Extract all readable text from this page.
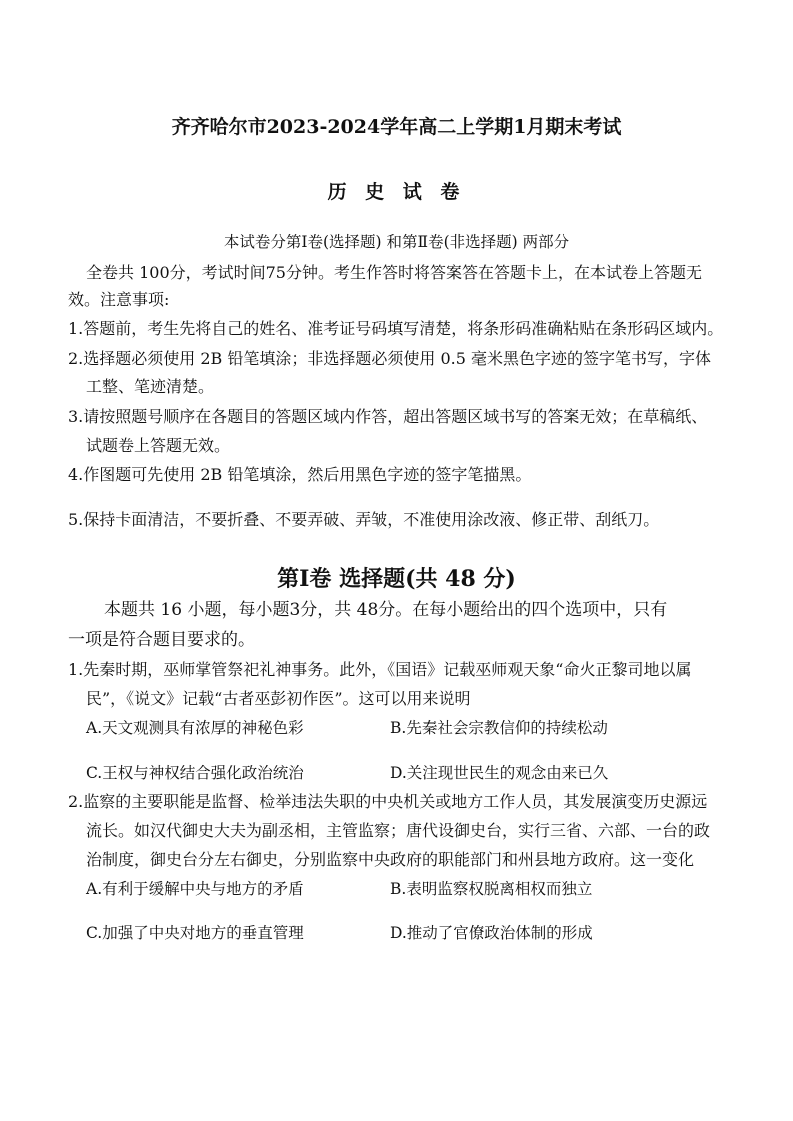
齐齐哈尔市2023-2024学年高二上学期1月期末考试
历 史 试 卷
本试卷分第Ⅰ卷(选择题) 和第Ⅱ卷(非选择题) 两部分
全卷共 100分，考试时间75分钟。考生作答时将答案答在答题卡上，在本试卷上答题无
效。注意事项:
1.答题前，考生先将自己的姓名、准考证号码填写清楚，将条形码准确粘贴在条形码区域内。
2.选择题必须使用 2B 铅笔填涂；非选择题必须使用 0.5 毫米黑色字迹的签字笔书写，字体
工整、笔迹清楚。
3.请按照题号顺序在各题目的答题区域内作答，超出答题区域书写的答案无效；在草稿纸、
试题卷上答题无效。
4.作图题可先使用 2B 铅笔填涂，然后用黑色字迹的签字笔描黑。
5.保持卡面清洁，不要折叠、不要弄破、弄皱，不准使用涂改液、修正带、刮纸刀。
第Ⅰ卷 选择题(共 48 分)
本题共 16 小题，每小题3分，共 48分。在每小题给出的四个选项中，只有
一项是符合题目要求的。
1.先秦时期，巫师掌管祭祀礼神事务。此外，《国语》记载巫师观天象“命火正黎司地以属
民”，《说文》记载“古者巫彭初作医”。这可以用来说明
A.天文观测具有浓厚的神秘色彩	B.先秦社会宗教信仰的持续松动
C.王权与神权结合强化政治统治	D.关注现世民生的观念由来已久
2.监察的主要职能是监督、检举违法失职的中央机关或地方工作人员，其发展演变历史源远
流长。如汉代御史大夫为副丞相，主管监察；唐代设御史台，实行三省、六部、一台的政
治制度，御史台分左右御史，分别监察中央政府的职能部门和州县地方政府。这一变化
A.有利于缓解中央与地方的矛盾	B.表明监察权脱离相权而独立
C.加强了中央对地方的垂直管理	D.推动了官僚政治体制的形成
